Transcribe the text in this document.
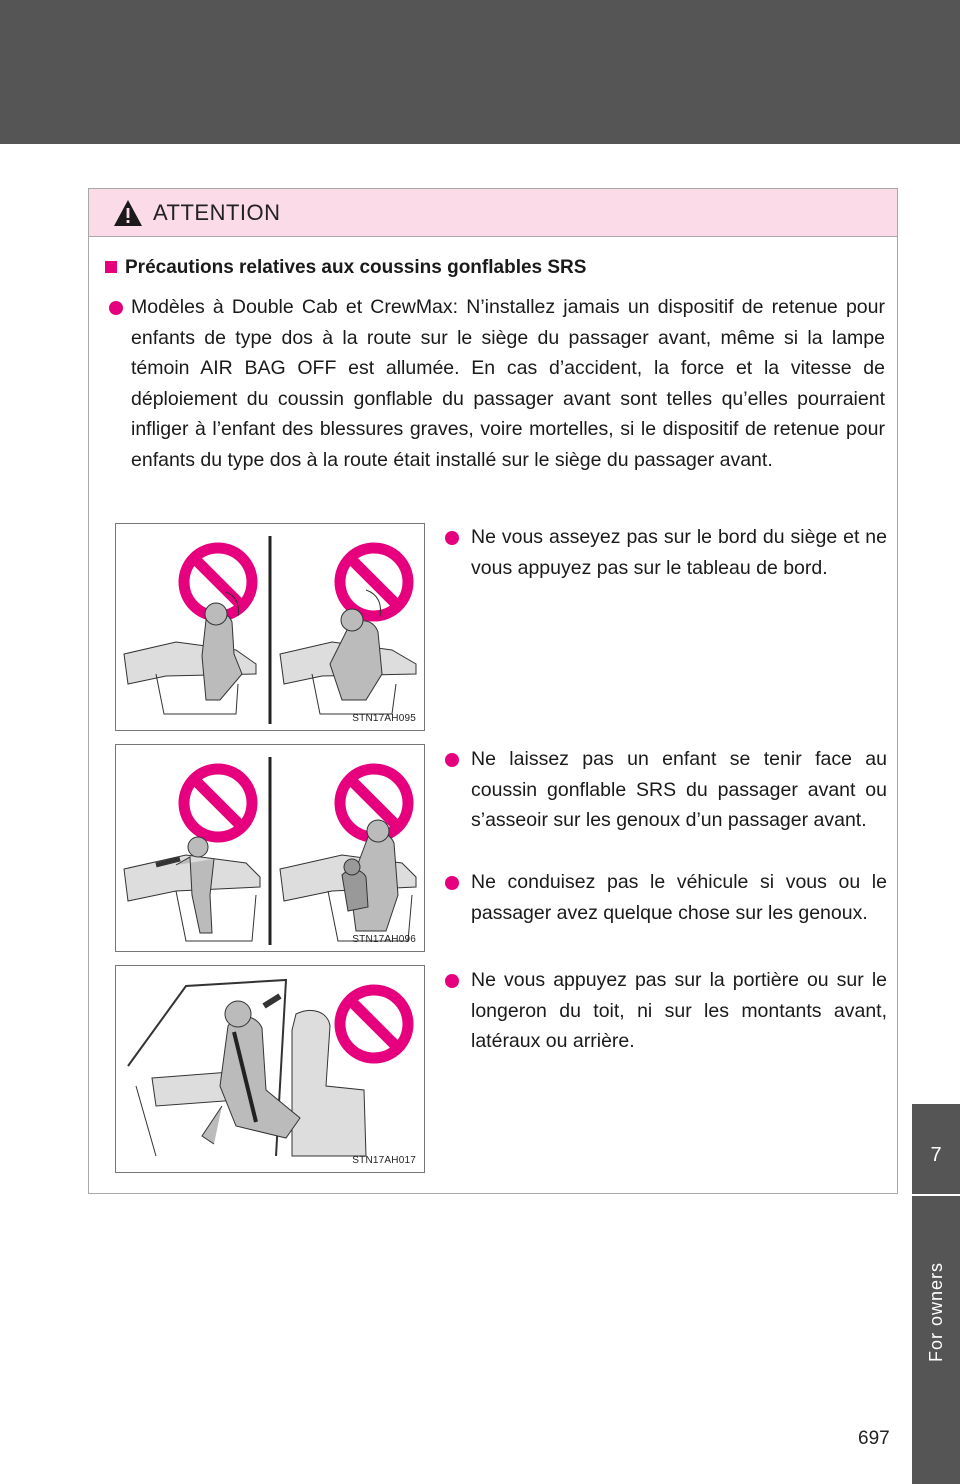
7
For owners
ATTENTION
Précautions relatives aux coussins gonflables SRS
Modèles à Double Cab et CrewMax: N’installez jamais un dispositif de retenue pour enfants de type dos à la route sur le siège du passager avant, même si la lampe témoin AIR BAG OFF est allumée. En cas d’accident, la force et la vitesse de déploiement du coussin gonflable du passager avant sont telles qu’elles pourraient infliger à l’enfant des blessures graves, voire mortelles, si le dispositif de retenue pour enfants du type dos à la route était installé sur le siège du passager avant.
STN17AH095
STN17AH096
STN17AH017
Ne vous asseyez pas sur le bord du siège et ne vous appuyez pas sur le tableau de bord.
Ne laissez pas un enfant se tenir face au coussin gonflable SRS du passager avant ou s’asseoir sur les genoux d’un passager avant.
Ne conduisez pas le véhicule si vous ou le passager avez quelque chose sur les genoux.
Ne vous appuyez pas sur la portière ou sur le longeron du toit, ni sur les montants avant, latéraux ou arrière.
697
